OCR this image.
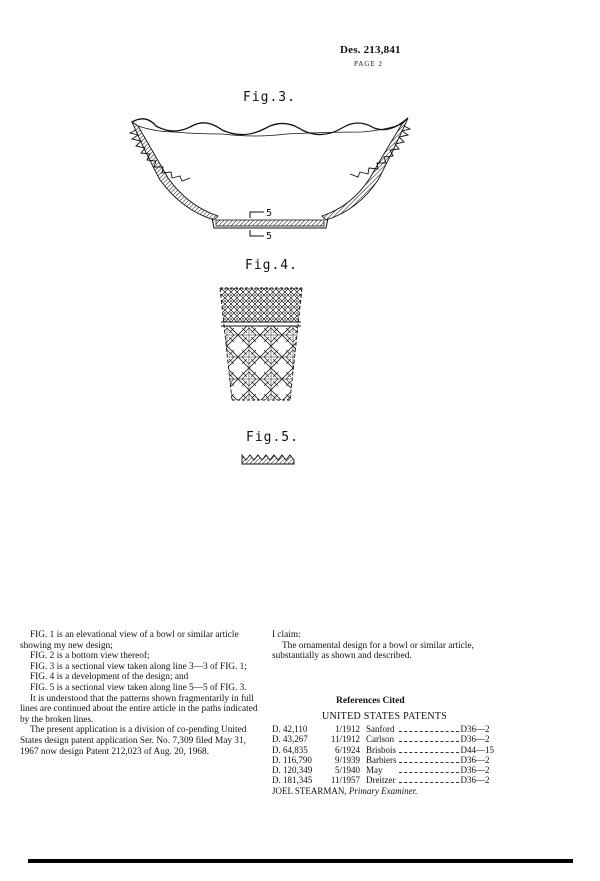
Des. 213,841
PAGE 2
Fig.3.
5
5
Fig.4.
Fig.5.

FIG. 1 is an elevational view of a bowl or similar article showing my new design;

FIG. 2 is a bottom view thereof;

FIG. 3 is a sectional view taken along line 3—3 of FIG. 1;

FIG. 4 is a development of the design; and

FIG. 5 is a sectional view taken along line 5—5 of FIG. 3.

It is understood that the patterns shown fragmentarily in full lines are continued about the entire article in the paths indicated by the broken lines.

The present application is a division of co-pending United States design patent application Ser. No. 7,309 filed May 31, 1967 now design Patent 212,023 of Aug. 20, 1968.

I claim:

The ornamental design for a bowl or similar article, substantially as shown and described.

References Cited
UNITED STATES PATENTS
D. 42,110	1/1912	Sanford		D36—2
D. 43,267	11/1912	Carlson		D36—2
D. 64,835	6/1924	Brisbois		D44—15
D. 116,790	9/1939	Barbiers		D36—2
D. 120,349	5/1940	May		D36—2
D. 181,345	11/1957	Dreitzer		D36—2
JOEL STEARMAN, Primary Examiner.
